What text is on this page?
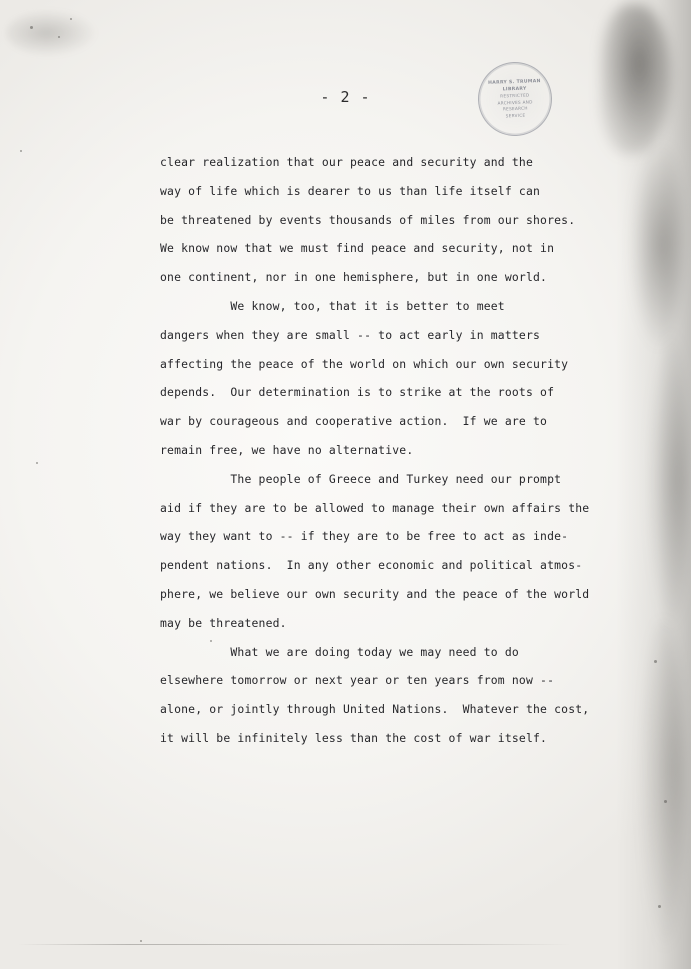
- 2 -
HARRY S. TRUMAN LIBRARY
RESTRICTED
ARCHIVES AND
RESEARCH
SERVICE
clear realization that our peace and security and the
way of life which is dearer to us than life itself can
be threatened by events thousands of miles from our shores.
We know now that we must find peace and security, not in
one continent, nor in one hemisphere, but in one world.
We know, too, that it is better to meet
dangers when they are small -- to act early in matters
affecting the peace of the world on which our own security
depends.  Our determination is to strike at the roots of
war by courageous and cooperative action.  If we are to
remain free, we have no alternative.
The people of Greece and Turkey need our prompt
aid if they are to be allowed to manage their own affairs the
way they want to -- if they are to be free to act as inde-
pendent nations.  In any other economic and political atmos-
phere, we believe our own security and the peace of the world
may be threatened.
What we are doing today we may need to do
elsewhere tomorrow or next year or ten years from now --
alone, or jointly through United Nations.  Whatever the cost,
it will be infinitely less than the cost of war itself.
